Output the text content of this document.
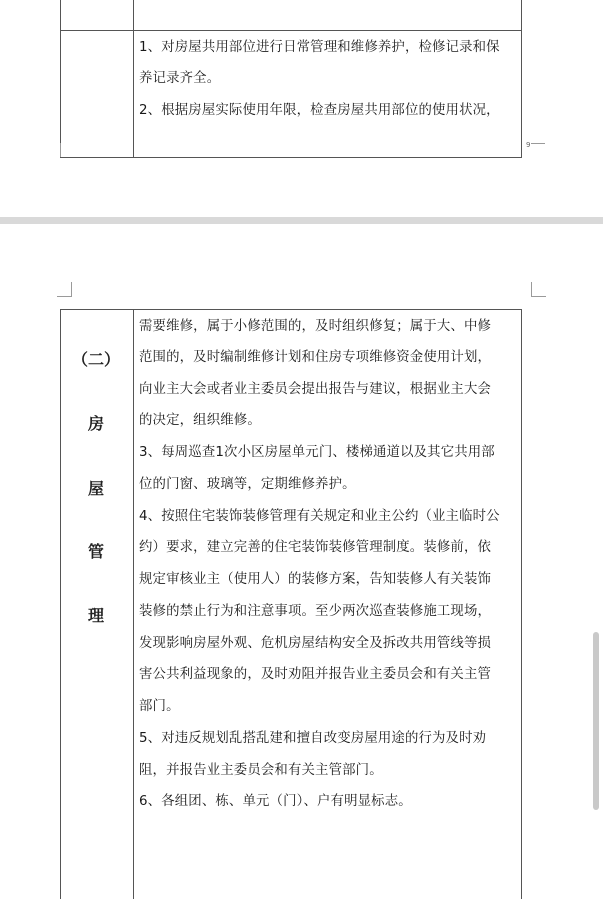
1、对房屋共用部位进行日常管理和维修养护，检修记录和保
养记录齐全。
2、根据房屋实际使用年限，检查房屋共用部位的使用状况，
9
（二）
房
屋
管
理
需要维修，属于小修范围的，及时组织修复；属于大、中修
范围的，及时编制维修计划和住房专项维修资金使用计划，
向业主大会或者业主委员会提出报告与建议，根据业主大会
的决定，组织维修。
3、每周巡查1次小区房屋单元门、楼梯通道以及其它共用部
位的门窗、玻璃等，定期维修养护。
4、按照住宅装饰装修管理有关规定和业主公约（业主临时公
约）要求，建立完善的住宅装饰装修管理制度。装修前，依
规定审核业主（使用人）的装修方案，告知装修人有关装饰
装修的禁止行为和注意事项。至少两次巡查装修施工现场，
发现影响房屋外观、危机房屋结构安全及拆改共用管线等损
害公共利益现象的，及时劝阻并报告业主委员会和有关主管
部门。
5、对违反规划乱搭乱建和擅自改变房屋用途的行为及时劝
阻，并报告业主委员会和有关主管部门。
6、各组团、栋、单元（门）、户有明显标志。
